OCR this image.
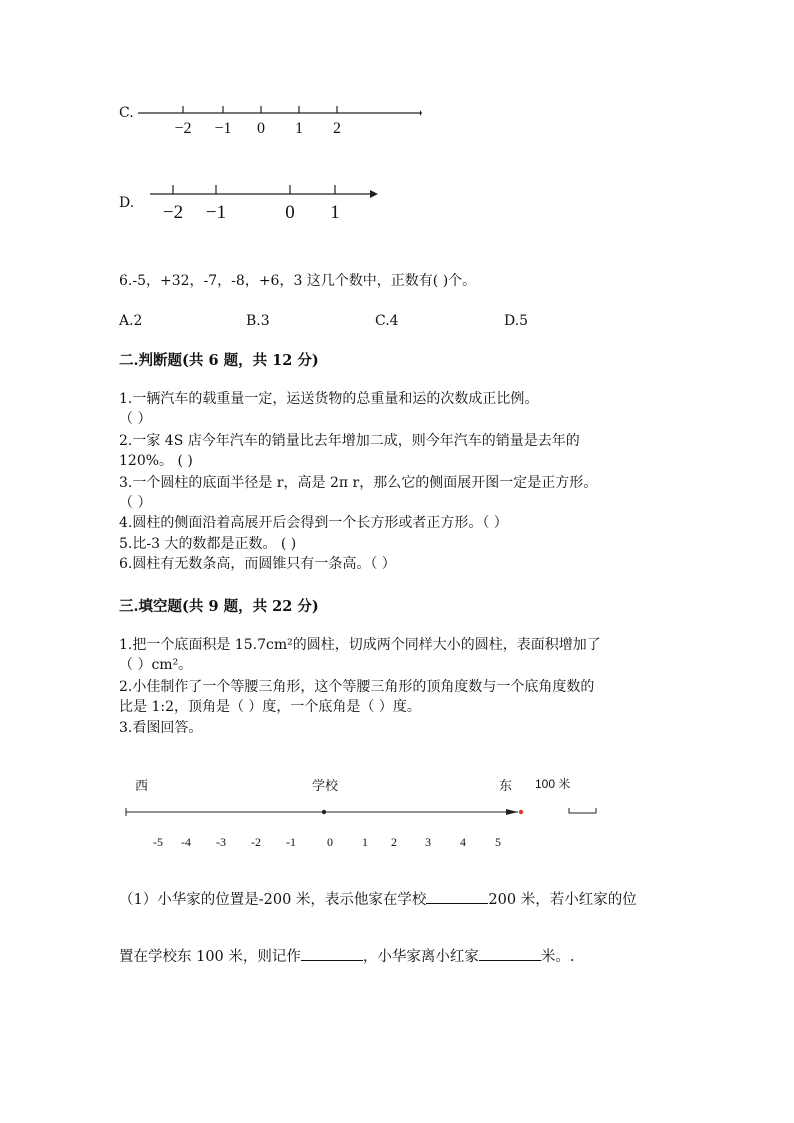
C.
−2 −1 0 1 2
D. −2 −1	0 1
6.-5，+32，-7，-8，+6，3 这几个数中，正数有( )个。
A.2	B.3	C.4	D.5
二.判断题(共 6 题，共 12 分)
1.一辆汽车的载重量一定，运送货物的总重量和运的次数成正比例。
（ ）
2.一家 4S 店今年汽车的销量比去年增加二成，则今年汽车的销量是去年的
120%。 ( )
3.一个圆柱的底面半径是 r，高是 2π r，那么它的侧面展开图一定是正方形。
（ ）
4.圆柱的侧面沿着高展开后会得到一个长方形或者正方形。（ ）
5.比-3 大的数都是正数。 ( )
6.圆柱有无数条高，而圆锥只有一条高。（ ）
三.填空题(共 9 题，共 22 分)
1.把一个底面积是 15.7cm²的圆柱，切成两个同样大小的圆柱，表面积增加了
（ ）cm²。
2.小佳制作了一个等腰三角形，这个等腰三角形的顶角度数与一个底角度数的
比是 1:2，顶角是（ ）度，一个底角是（ ）度。
3.看图回答。
西	学校	东 100 米
-5 -4 -3 -2 -1	0 1 2 3 4 5
（1）小华家的位置是-200 米，表示他家在学校	200 米，若小红家的位
置在学校东 100 米，则记作	，小华家离小红家	米。.
